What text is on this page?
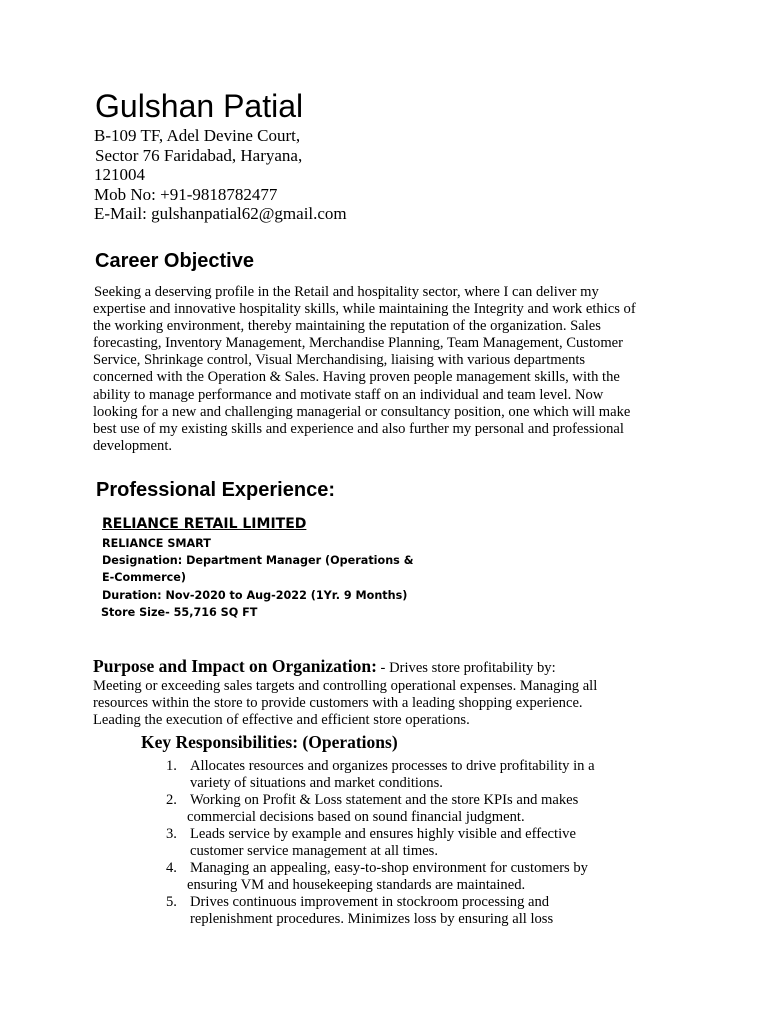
Gulshan Patial
B-109 TF, Adel Devine Court,
Sector 76 Faridabad, Haryana,
121004
Mob No: +91-9818782477
E-Mail: gulshanpatial62@gmail.com
Career Objective
Seeking a deserving profile in the Retail and hospitality sector, where I can deliver my
expertise and innovative hospitality skills, while maintaining the Integrity and work ethics of
the working environment, thereby maintaining the reputation of the organization. Sales
forecasting, Inventory Management, Merchandise Planning, Team Management, Customer
Service, Shrinkage control, Visual Merchandising, liaising with various departments
concerned with the Operation & Sales. Having proven people management skills, with the
ability to manage performance and motivate staff on an individual and team level. Now
looking for a new and challenging managerial or consultancy position, one which will make
best use of my existing skills and experience and also further my personal and professional
development.
Professional Experience:
RELIANCE RETAIL LIMITED
RELIANCE SMART
Designation: Department Manager (Operations &
E-Commerce)
Duration: Nov-2020 to Aug-2022 (1Yr. 9 Months)
Store Size- 55,716 SQ FT
Purpose and Impact on Organization: - Drives store profitability by:
Meeting or exceeding sales targets and controlling operational expenses. Managing all
resources within the store to provide customers with a leading shopping experience.
Leading the execution of effective and efficient store operations.
Key Responsibilities: (Operations)
1. Allocates resources and organizes processes to drive profitability in a
variety of situations and market conditions.
2. Working on Profit & Loss statement and the store KPIs and makes
commercial decisions based on sound financial judgment.
3. Leads service by example and ensures highly visible and effective
customer service management at all times.
4. Managing an appealing, easy-to-shop environment for customers by
ensuring VM and housekeeping standards are maintained.
5. Drives continuous improvement in stockroom processing and
replenishment procedures. Minimizes loss by ensuring all loss
